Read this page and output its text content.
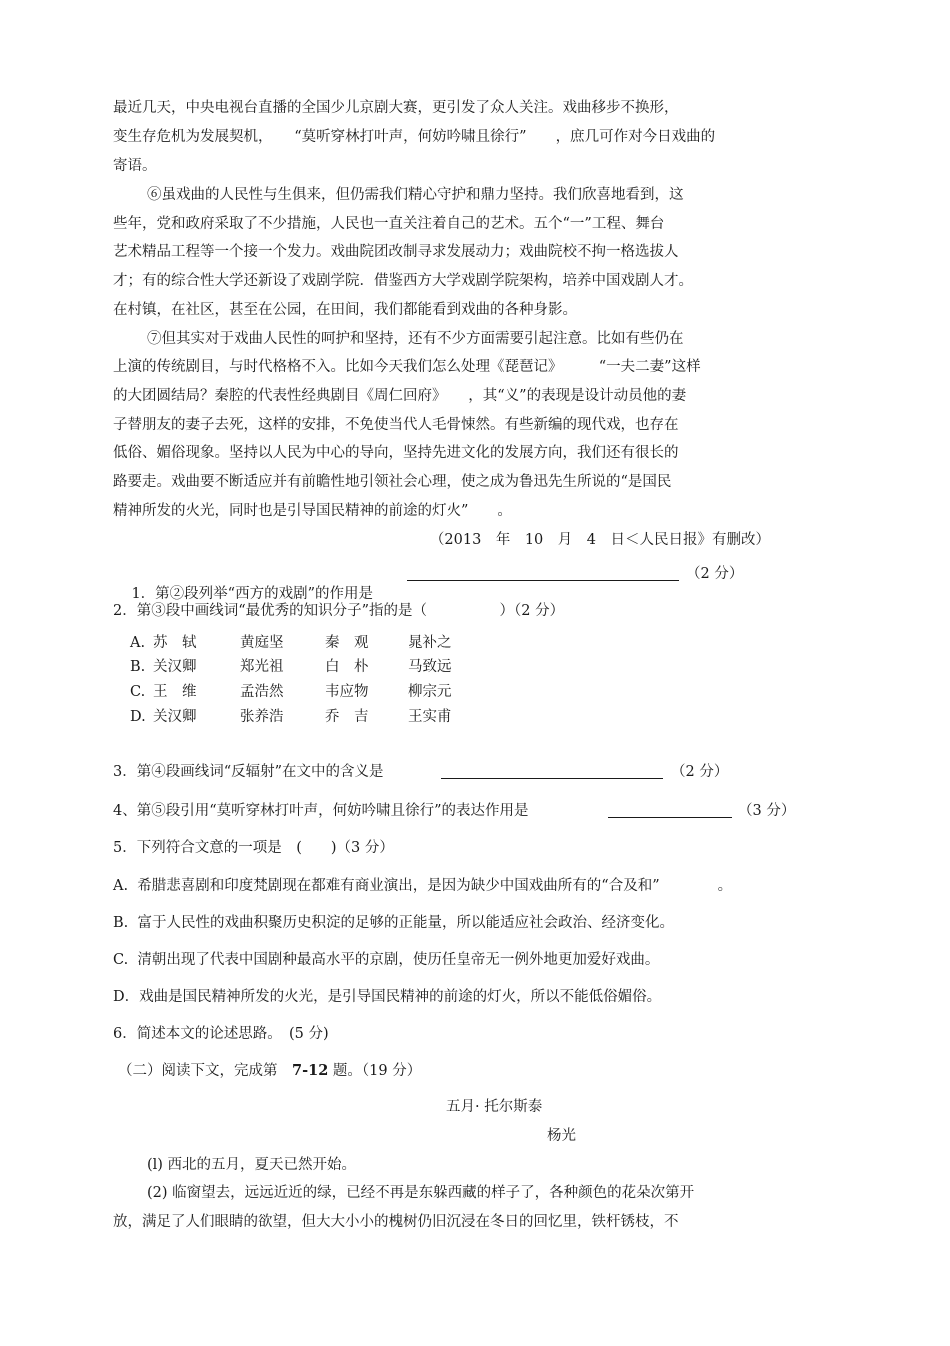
最近几天，中央电视台直播的全国少儿京剧大赛，更引发了众人关注。戏曲移步不换形，
变生存危机为发展契机，　　“莫听穿林打叶声，何妨吟啸且徐行”　　，庶几可作对今日戏曲的
寄语。
⑥虽戏曲的人民性与生俱来，但仍需我们精心守护和鼎力坚持。我们欣喜地看到，这
些年，党和政府采取了不少措施，人民也一直关注着自己的艺术。五个“一”工程、舞台
艺术精品工程等一个接一个发力。戏曲院团改制寻求发展动力；戏曲院校不拘一格选拔人
才；有的综合性大学还新设了戏剧学院．借鉴西方大学戏剧学院架构，培养中国戏剧人才。
在村镇，在社区，甚至在公园，在田间，我们都能看到戏曲的各种身影。
⑦但其实对于戏曲人民性的呵护和坚持，还有不少方面需要引起注意。比如有些仍在
上演的传统剧目，与时代格格不入。比如今天我们怎么处理《琵琶记》　　　“一夫二妻”这样
的大团圆结局？秦腔的代表性经典剧目《周仁回府》　　，其“义”的表现是设计动员他的妻
子替朋友的妻子去死，这样的安排，不免使当代人毛骨悚然。有些新编的现代戏，也存在
低俗、媚俗现象。坚持以人民为中心的导向，坚持先进文化的发展方向，我们还有很长的
路要走。戏曲要不断适应并有前瞻性地引领社会心理，使之成为鲁迅先生所说的“是国民
精神所发的火光，同时也是引导国民精神的前途的灯火”　　。
（2013　年　10　月　4　日＜人民日报》有删改）

1．第②段列举“西方的戏剧”的作用是

（2 分）
2．第③段中画线词“最优秀的知识分子”指的是（　　　　　）（2 分）
A. 苏　轼	黄庭坚	秦　观	晁补之
B. 关汉卿	郑光祖	白　朴	马致远
C. 王　维	孟浩然	韦应物	柳宗元
D. 关汉卿	张养浩	乔　吉	王实甫
3．第④段画线词“反辐射”在文中的含义是	（2 分）
4、第⑤段引用“莫听穿林打叶声，何妨吟啸且徐行”的表达作用是	（3 分）
5．下列符合文意的一项是　(　　)（3 分）
A.  希腊悲喜剧和印度梵剧现在都难有商业演出，是因为缺少中国戏曲所有的“合及和”　　　　。
B.  富于人民性的戏曲积聚历史积淀的足够的正能量，所以能适应社会政治、经济变化。
C.  清朝出现了代表中国剧种最高水平的京剧，使历任皇帝无一例外地更加爱好戏曲。
D．戏曲是国民精神所发的火光，是引导国民精神的前途的灯火，所以不能低俗媚俗。
6．简述本文的论述思路。　(5 分)
（二）阅读下文，完成第　7-12 题。（19 分）
五月· 托尔斯泰
杨光
(l) 西北的五月，夏天已然开始。
(2) 临窗望去，远远近近的绿，已经不再是东躲西藏的样子了，各种颜色的花朵次第开
放，满足了人们眼睛的欲望，但大大小小的槐树仍旧沉浸在冬日的回忆里，铁杆锈枝，不
